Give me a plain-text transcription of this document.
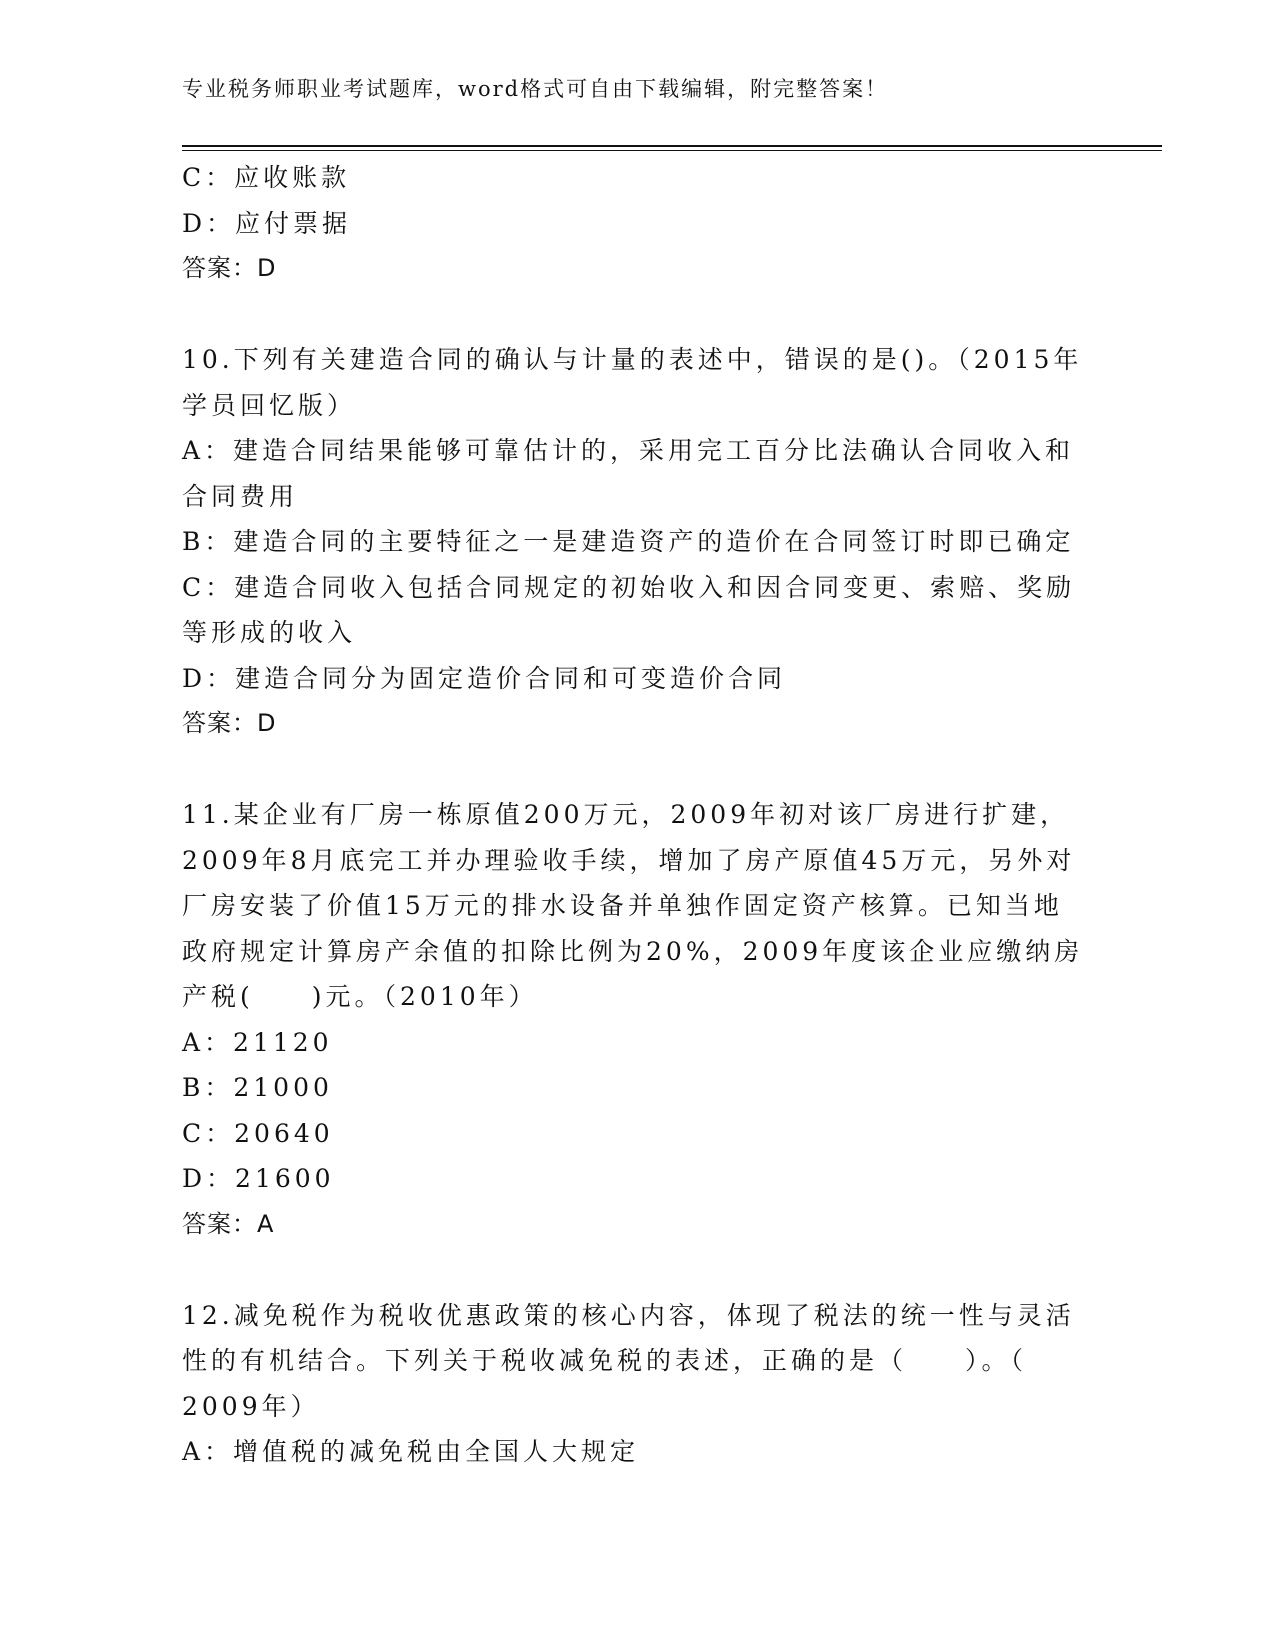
专业税务师职业考试题库，word格式可自由下载编辑，附完整答案！

C：应收账款

D：应付票据

答案：D

10.下列有关建造合同的确认与计量的表述中，错误的是()。（2015年

学员回忆版）

A：建造合同结果能够可靠估计的，采用完工百分比法确认合同收入和

合同费用

B：建造合同的主要特征之一是建造资产的造价在合同签订时即已确定

C：建造合同收入包括合同规定的初始收入和因合同变更、索赔、奖励

等形成的收入

D：建造合同分为固定造价合同和可变造价合同

答案：D

11.某企业有厂房一栋原值200万元，2009年初对该厂房进行扩建，

2009年8月底完工并办理验收手续，增加了房产原值45万元，另外对

厂房安装了价值15万元的排水设备并单独作固定资产核算。已知当地

政府规定计算房产余值的扣除比例为20%，2009年度该企业应缴纳房

产税(　　)元。（2010年）

A：21120

B：21000

C：20640

D：21600

答案：A

12.减免税作为税收优惠政策的核心内容，体现了税法的统一性与灵活

性的有机结合。下列关于税收减免税的表述，正确的是（　　）。（

2009年）

A：增值税的减免税由全国人大规定
